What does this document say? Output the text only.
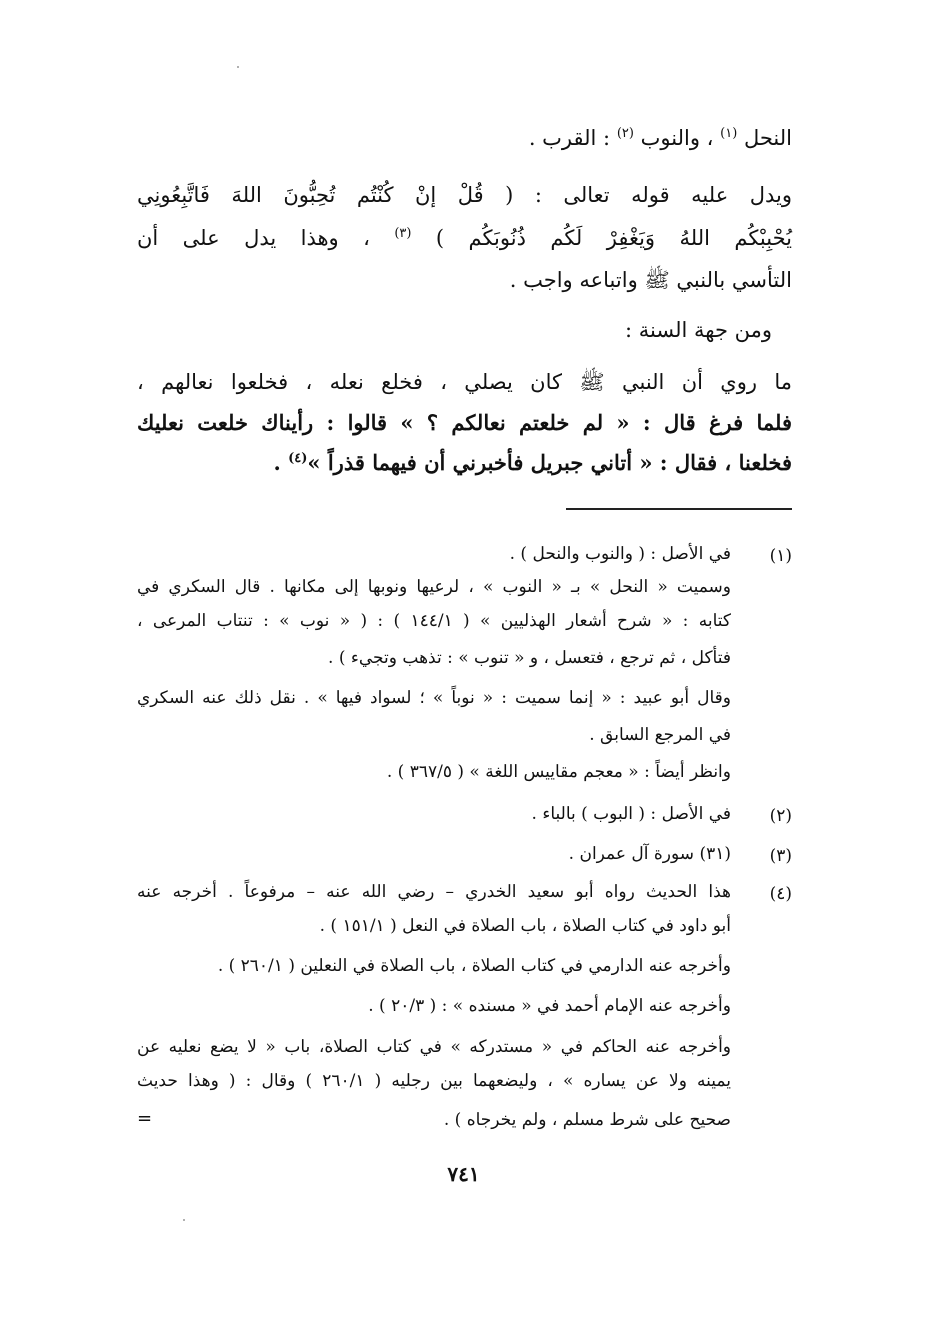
النحل $^{(١)}$ ، والنوب $^{(٢)}$ : القرب .
ويدل عليه قوله تعالى : ( قُلْ إنْ كُنْتُم تُحِبُّونَ اللهَ فَاتَّبِعُونِي
يُحْبِبْكُم اللهُ وَيَغْفِرْ لَكُم ذُنُوبَكُم ) $^{(٣)}$ ، وهذا يدل على أن
التأسي بالنبي ﷺ واتباعه واجب .
ومن جهة السنة :
ما روي أن النبي ﷺ كان يصلي ، فخلع نعله ، فخلعوا نعالهم ،
فلما فرغ قال : « لم خلعتم نعالكم ؟ » قالوا : رأيناك خلعت نعليك
فخلعنا ، فقال : « أتاني جبريل فأخبرني أن فيهما قذراً »$^{(٤)}$ .
(١)
في الأصل : ( والنوب والنحل ) .
وسميت « النحل » بـ « النوب » ، لرعيها ونوبها إلى مكانها . قال السكري في
كتابه : « شرح أشعار الهذليين » ( ١٤٤/١ ) : ( « نوب » : تنتاب المرعى ،
فتأكل ، ثم ترجع ، فتعسل ، و « تنوب » : تذهب وتجيء ) .
وقال أبو عبيد : « إنما سميت : « نوباً » ؛ لسواد فيها » . نقل ذلك عنه السكري
في المرجع السابق .
وانظر أيضاً : « معجم مقاييس اللغة » ( ٣٦٧/٥ ) .
(٢)
في الأصل : ( البوب ) بالباء .
(٣)
(٣١) سورة آل عمران .
(٤)
هذا الحديث رواه أبو سعيد الخدري – رضي الله عنه – مرفوعاً . أخرجه عنه
أبو داود في كتاب الصلاة ، باب الصلاة في النعل ( ١٥١/١ ) .
وأخرجه عنه الدارمي في كتاب الصلاة ، باب الصلاة في النعلين ( ٢٦٠/١ ) .
وأخرجه عنه الإمام أحمد في « مسنده » : ( ٢٠/٣ ) .
وأخرجه عنه الحاكم في « مستدركه » في كتاب الصلاة، باب « لا يضع نعليه عن
يمينه ولا عن يساره » ، وليضعهما بين رجليه ( ٢٦٠/١ ) وقال : ( وهذا حديث
صحيح على شرط مسلم ، ولم يخرجاه ) .
=
٧٤١
